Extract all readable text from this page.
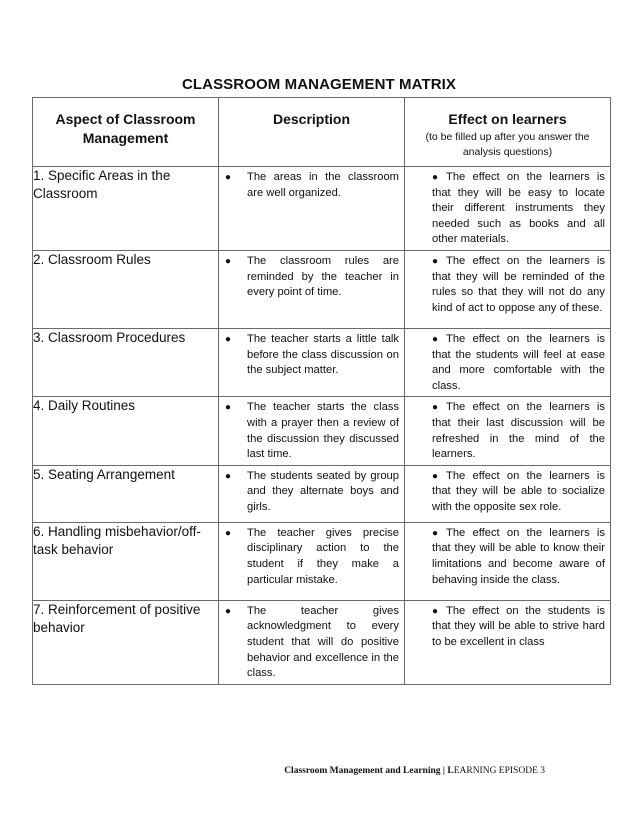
CLASSROOM MANAGEMENT MATRIX
Aspect of Classroom Management	Description	Effect on learners
(to be filled up after you answer the analysis questions)

1. Specific Areas in the Classroom	● The areas in the classroom are well organized.	● The effect on the learners is that they will be easy to locate their different instruments they needed such as books and all other materials.

2. Classroom Rules	● The classroom rules are reminded by the teacher in every point of time.	● The effect on the learners is that they will be reminded of the rules so that they will not do any kind of act to oppose any of these.

3. Classroom Procedures	● The teacher starts a little talk before the class discussion on the subject matter.	● The effect on the learners is that the students will feel at ease and more comfortable with the class.

4. Daily Routines	● The teacher starts the class with a prayer then a review of the discussion they discussed last time.	● The effect on the learners is that their last discussion will be refreshed in the mind of the learners.

5. Seating Arrangement	● The students seated by group and they alternate boys and girls.	● The effect on the learners is that they will be able to socialize with the opposite sex role.

6. Handling misbehavior/off-task behavior	● The teacher gives precise disciplinary action to the student if they make a particular mistake.	● The effect on the learners is that they will be able to know their limitations and become aware of behaving inside the class.

7. Reinforcement of positive behavior	● The teacher gives acknowledgment to every student that will do positive behavior and excellence in the class.	● The effect on the students is that they will be able to strive hard to be excellent in class
Classroom Management and Learning | LEARNING EPISODE 3
